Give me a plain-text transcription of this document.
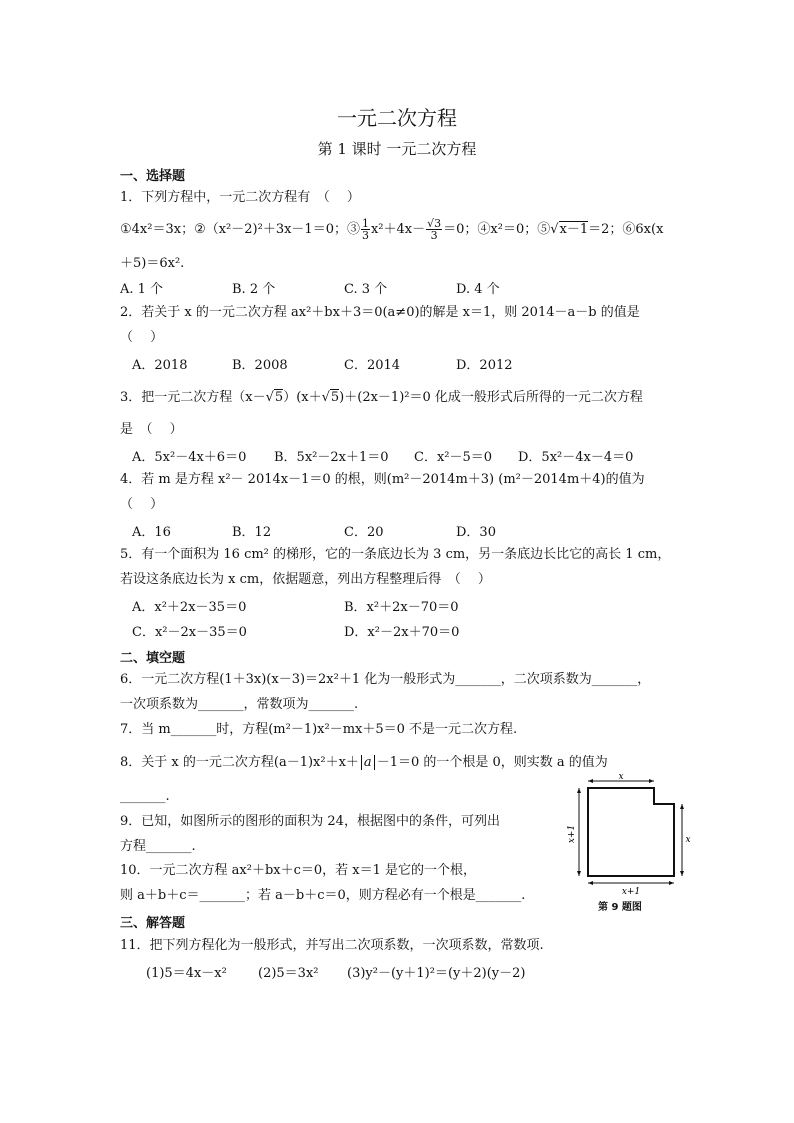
一元二次方程
第 1 课时 一元二次方程
一、选择题
1．下列方程中，一元二次方程有　（　 ）
①4x²＝3x；②（x²－2)²＋3x－1＝0；③ $\frac{1}{3} x^2+4x- \frac{√3}{3} =0$；④x²＝0；⑤√x－1＝2；⑥6x(x
＋5)＝6x².
A. 1 个	B. 2 个	C. 3 个	D. 4 个
2．若关于 x 的一元二次方程 ax²＋bx＋3＝0(a≠0)的解是 x＝1，则 2014－a－b 的值是
（　 ）
A．2018	B．2008	C．2014	D．2012
3．把一元二次方程（x－√5）(x＋√5)＋(2x－1)²＝0 化成一般形式后所得的一元二次方程
是　（　 ）
A．5x²－4x＋6＝0 B．5x²－2x＋1＝0 C．x²－5＝0 D．5x²－4x－4＝0
4．若 m 是方程 x²－ 2014x－1＝0 的根，则(m²－2014m＋3) (m²－2014m＋4)的值为
（　 ）
A．16	B．12	C．20	D．30
5．有一个面积为 16 cm² 的梯形，它的一条底边长为 3 cm，另一条底边长比它的高长 1 cm，
若设这条底边长为 x cm，依据题意，列出方程整理后得　（　 ）
A．x²＋2x－35＝0	B．x²＋2x－70＝0
C．x²－2x－35＝0	D．x²－2x＋70＝0
二、填空题
6．一元二次方程(1＋3x)(x－3)＝2x²＋1 化为一般形式为_______，二次项系数为_______，
一次项系数为_______，常数项为_______.
7．当 m_______时，方程(m²－1)x²－mx＋5＝0 不是一元二次方程.
8．关于 x 的一元二次方程(a－1)x²＋x＋ a －1＝0 的一个根是 0，则实数 a 的值为
_______.
9．已知，如图所示的图形的面积为 24，根据图中的条件，可列出
方程_______.
10．一元二次方程 ax²＋bx＋c＝0，若 x＝1 是它的一个根，
则 a＋b＋c＝_______；若 a－b＋c＝0，则方程必有一个根是_______.
三、解答题
11．把下列方程化为一般形式，并写出二次项系数，一次项系数，常数项.
(1)5＝4x－x² (2)5＝3x² (3)y²－(y＋1)²＝(y＋2)(y－2)
x
x+1	x
x+1
第 9 题图
